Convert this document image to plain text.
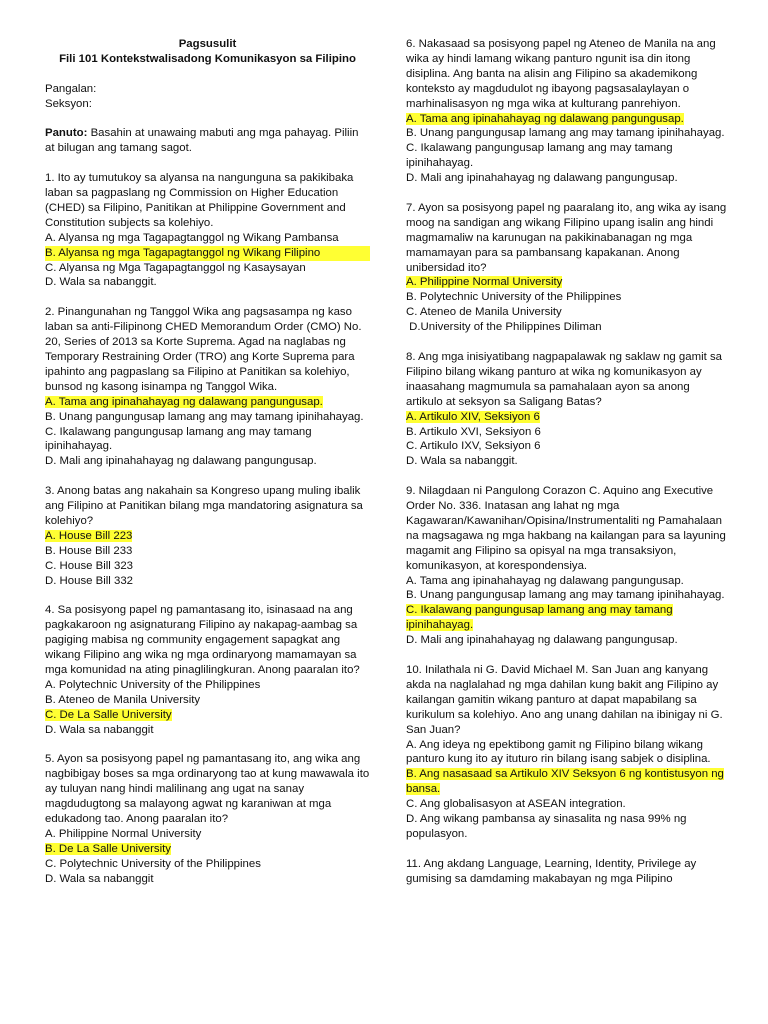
Pagsusulit
Fili 101 Kontekstwalisadong Komunikasyon sa Filipino

Pangalan:

Seksyon:

Panuto: Basahin at unawaing mabuti ang mga pahayag. Piliin at bilugan ang tamang sagot.

1. Ito ay tumutukoy sa alyansa na nangunguna sa pakikibaka laban sa pagpaslang ng Commission on Higher Education (CHED) sa Filipino, Panitikan at Philippine Government and Constitution subjects sa kolehiyo.

A. Alyansa ng mga Tagapagtanggol ng Wikang Pambansa
B. Alyansa ng mga Tagapagtanggol ng Wikang Filipino
C. Alyansa ng Mga Tagapagtanggol ng Kasaysayan
D. Wala sa nabanggit.

2. Pinangunahan ng Tanggol Wika ang pagsasampa ng kaso laban sa anti-Filipinong CHED Memorandum Order (CMO) No. 20, Series of 2013 sa Korte Suprema. Agad na naglabas ng Temporary Restraining Order (TRO) ang Korte Suprema para ipahinto ang pagpaslang sa Filipino at Panitikan sa kolehiyo, bunsod ng kasong isinampa ng Tanggol Wika.

A. Tama ang ipinahahayag ng dalawang pangungusap.
B. Unang pangungusap lamang ang may tamang ipinihahayag.
C. Ikalawang pangungusap lamang ang may tamang ipinihahayag.
D. Mali ang ipinahahayag ng dalawang pangungusap.

3. Anong batas ang nakahain sa Kongreso upang muling ibalik ang Filipino at Panitikan bilang mga mandatoring asignatura sa kolehiyo?

A. House Bill 223
B. House Bill 233
C. House Bill 323
D. House Bill 332

4. Sa posisyong papel ng pamantasang ito, isinasaad na ang pagkakaroon ng asignaturang Filipino ay nakapag-aambag sa pagiging mabisa ng community engagement sapagkat ang wikang Filipino ang wika ng mga ordinaryong mamamayan sa mga komunidad na ating pinaglilingkuran. Anong paaralan ito?

A. Polytechnic University of the Philippines
B. Ateneo de Manila University
C. De La Salle University
D. Wala sa nabanggit

5. Ayon sa posisyong papel ng pamantasang ito, ang wika ang nagbibigay boses sa mga ordinaryong tao at kung mawawala ito ay tuluyan nang hindi malilinang ang ugat na sanay magdudugtong sa malayong agwat ng karaniwan at mga edukadong tao. Anong paaralan ito?

A. Philippine Normal University
B. De La Salle University
C. Polytechnic University of the Philippines
D. Wala sa nabanggit

6. Nakasaad sa posisyong papel ng Ateneo de Manila na ang wika ay hindi lamang wikang panturo ngunit isa din itong disiplina. Ang banta na alisin ang Filipino sa akademikong konteksto ay magdudulot ng ibayong pagsasalaylayan o marhinalisasyon ng mga wika at kulturang panrehiyon.

A. Tama ang ipinahahayag ng dalawang pangungusap.
B. Unang pangungusap lamang ang may tamang ipinihahayag.
C. Ikalawang pangungusap lamang ang may tamang ipinihahayag.
D. Mali ang ipinahahayag ng dalawang pangungusap.

7. Ayon sa posisyong papel ng paaralang ito, ang wika ay isang moog na sandigan ang wikang Filipino upang isalin ang hindi magmamaliw na karunugan na pakikinabanagan ng mga mamamayan para sa pambansang kapakanan. Anong unibersidad ito?

A. Philippine Normal University
B. Polytechnic University of the Philippines
C. Ateneo de Manila University
D.University of the Philippines Diliman

8. Ang mga inisiyatibang nagpapalawak ng saklaw ng gamit sa Filipino bilang wikang panturo at wika ng komunikasyon ay inaasahang magmumula sa pamahalaan ayon sa anong artikulo at seksyon sa Saligang Batas?

A. Artikulo XIV, Seksiyon 6
B. Artikulo XVI, Seksiyon 6
C. Artikulo IXV, Seksiyon 6
D. Wala sa nabanggit.

9. Nilagdaan ni Pangulong Corazon C. Aquino ang Executive Order No. 336. Inatasan ang lahat ng mga Kagawaran/Kawanihan/Opisina/Instrumentaliti ng Pamahalaan na magsagawa ng mga hakbang na kailangan para sa layuning magamit ang Filipino sa opisyal na mga transaksiyon, komunikasyon, at korespondensiya.

A. Tama ang ipinahahayag ng dalawang pangungusap.
B. Unang pangungusap lamang ang may tamang ipinihahayag.
C. Ikalawang pangungusap lamang ang may tamang ipinihahayag.
D. Mali ang ipinahahayag ng dalawang pangungusap.

10. Inilathala ni G. David Michael M. San Juan ang kanyang akda na naglalahad ng mga dahilan kung bakit ang Filipino ay kailangan gamitin wikang panturo at dapat mapabilang sa kurikulum sa kolehiyo. Ano ang unang dahilan na ibinigay ni G. San Juan?

A. Ang ideya ng epektibong gamit ng Filipino bilang wikang panturo kung ito ay ituturo rin bilang isang sabjek o disiplina.
B. Ang nasasaad sa Artikulo XIV Seksyon 6 ng kontistusyon ng bansa.
C. Ang globalisasyon at ASEAN integration.
D. Ang wikang pambansa ay sinasalita ng nasa 99% ng populasyon.

11. Ang akdang Language, Learning, Identity, Privilege ay gumising sa damdaming makabayan ng mga Pilipino
